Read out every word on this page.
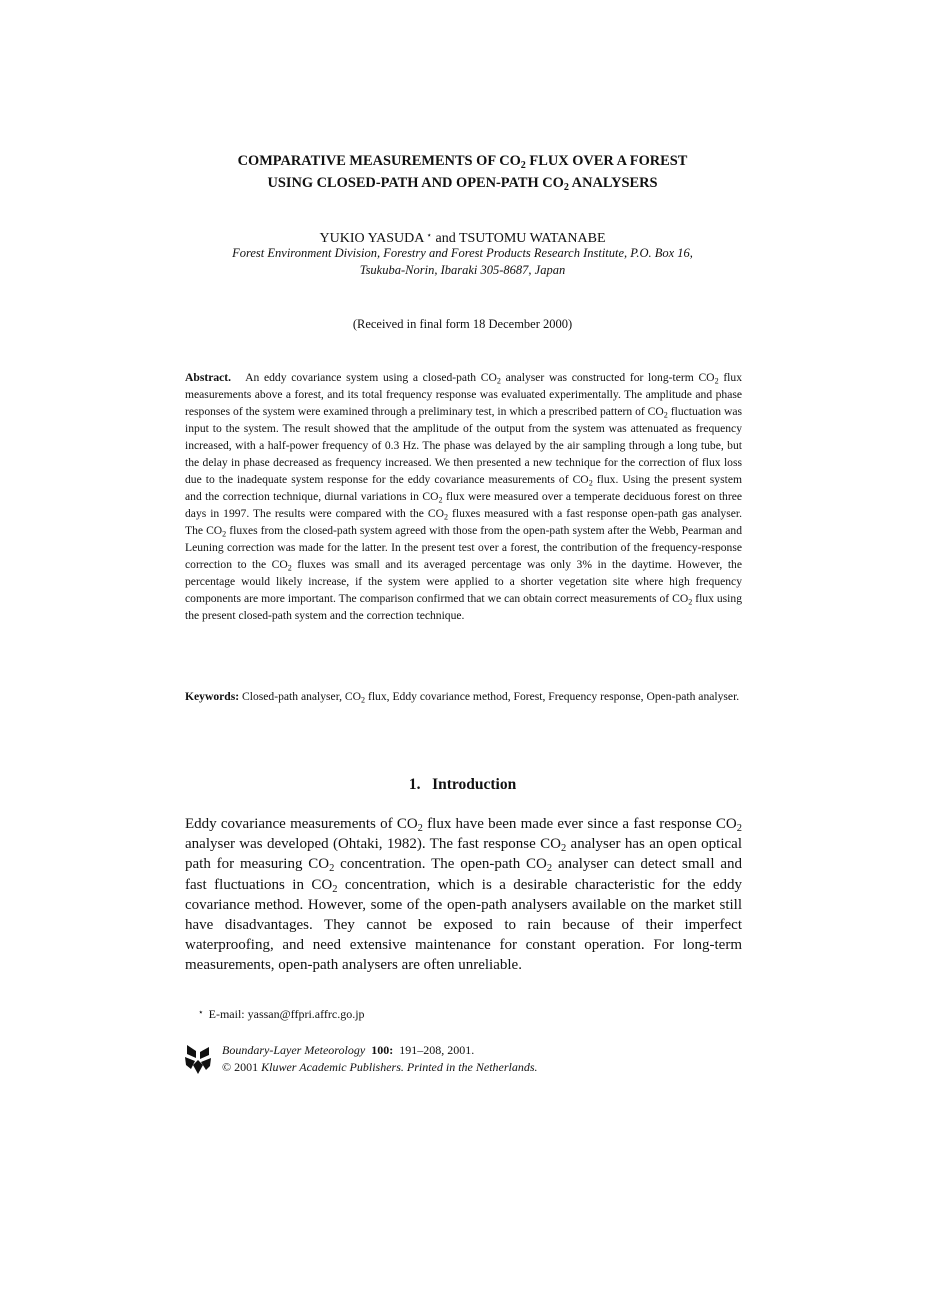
COMPARATIVE MEASUREMENTS OF $CO_2$ FLUX OVER A FOREST
USING CLOSED-PATH AND OPEN-PATH $CO_2$ ANALYSERS
YUKIO YASUDA ⋆ and TSUTOMU WATANABE
Forest Environment Division, Forestry and Forest Products Research Institute, P.O. Box 16,
Tsukuba-Norin, Ibaraki 305-8687, Japan
(Received in final form 18 December 2000)
Abstract. An eddy covariance system using a closed-path $CO_2$ analyser was constructed for long-term $CO_2$ flux measurements above a forest, and its total frequency response was evaluated experimentally. The amplitude and phase responses of the system were examined through a preliminary test, in which a prescribed pattern of $CO_2$ fluctuation was input to the system. The result showed that the amplitude of the output from the system was attenuated as frequency increased, with a half-power frequency of 0.3 Hz. The phase was delayed by the air sampling through a long tube, but the delay in phase decreased as frequency increased. We then presented a new technique for the correction of flux loss due to the inadequate system response for the eddy covariance measurements of $CO_2$ flux. Using the present system and the correction technique, diurnal variations in $CO_2$ flux were measured over a temperate deciduous forest on three days in 1997. The results were compared with the $CO_2$ fluxes measured with a fast response open-path gas analyser. The $CO_2$ fluxes from the closed-path system agreed with those from the open-path system after the Webb, Pearman and Leuning correction was made for the latter. In the present test over a forest, the contribution of the frequency-response correction to the $CO_2$ fluxes was small and its averaged percentage was only 3% in the daytime. However, the percentage would likely increase, if the system were applied to a shorter vegetation site where high frequency components are more important. The comparison confirmed that we can obtain correct measurements of $CO_2$ flux using the present closed-path system and the correction technique.
Keywords: Closed-path analyser, $CO_2$ flux, Eddy covariance method, Forest, Frequency response, Open-path analyser.
1. Introduction
Eddy covariance measurements of $CO_2$ flux have been made ever since a fast response $CO_2$ analyser was developed (Ohtaki, 1982). The fast response $CO_2$ analyser has an open optical path for measuring $CO_2$ concentration. The open-path $CO_2$ analyser can detect small and fast fluctuations in $CO_2$ concentration, which is a desirable characteristic for the eddy covariance method. However, some of the open-path analysers available on the market still have disadvantages. They cannot be exposed to rain because of their imperfect waterproofing, and need extensive maintenance for constant operation. For long-term measurements, open-path analysers are often unreliable.
⋆ E-mail: yassan@ffpri.affrc.go.jp
Boundary-Layer Meteorology 100: 191–208, 2001.
© 2001 Kluwer Academic Publishers. Printed in the Netherlands.
